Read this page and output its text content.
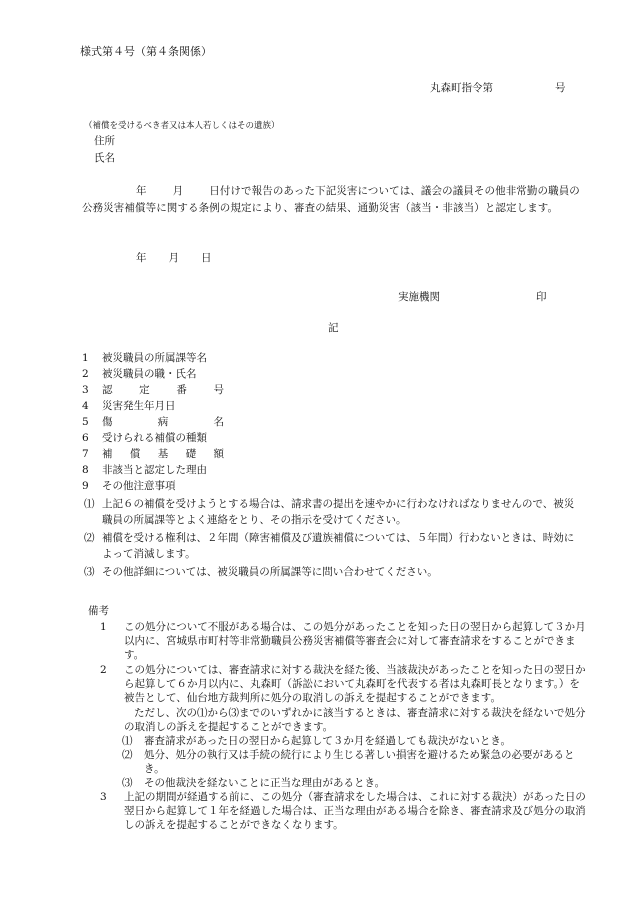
様式第４号（第４条関係）
丸森町指令第	号
（補償を受けるべき者又は本人若しくはその遺族）
住所
氏名
年 月 日付けで報告のあった下記災害については、議会の議員その他非常勤の職員の公務災害補償等に関する条例の規定により、審査の結果、通勤災害（該当・非該当）と認定します。
年 月 日
実施機関	印
記
1	被災職員の所属課等名
2	被災職員の職・氏名
3	認	定	番	号
4	災害発生年月日
5	傷	病	名
6	受けられる補償の種類
7	補 償 基 礎 額
8	非該当と認定した理由
9	その他注意事項
⑴ 上記６の補償を受けようとする場合は、請求書の提出を速やかに行わなければなりませんので、被災職員の所属課等とよく連絡をとり、その指示を受けてください。
⑵ 補償を受ける権利は、２年間（障害補償及び遺族補償については、５年間）行わないときは、時効によって消滅します。
⑶ その他詳細については、被災職員の所属課等に問い合わせてください。
備考
1	この処分について不服がある場合は、この処分があったことを知った日の翌日から起算して３か月以内に、宮城県市町村等非常勤職員公務災害補償等審査会に対して審査請求をすることができます。
2	この処分については、審査請求に対する裁決を経た後、当該裁決があったことを知った日の翌日から起算して６か月以内に、丸森町（訴訟において丸森町を代表する者は丸森町長となります。）を被告として、仙台地方裁判所に処分の取消しの訴えを提起することができます。
ただし、次の⑴から⑶までのいずれかに該当するときは、審査請求に対する裁決を経ないで処分の取消しの訴えを提起することができます。
⑴	審査請求があった日の翌日から起算して３か月を経過しても裁決がないとき。
⑵	処分、処分の執行又は手続の続行により生じる著しい損害を避けるため緊急の必要があるとき。
⑶	その他裁決を経ないことに正当な理由があるとき。
3	上記の期間が経過する前に、この処分（審査請求をした場合は、これに対する裁決）があった日の翌日から起算して１年を経過した場合は、正当な理由がある場合を除き、審査請求及び処分の取消しの訴えを提起することができなくなります。
